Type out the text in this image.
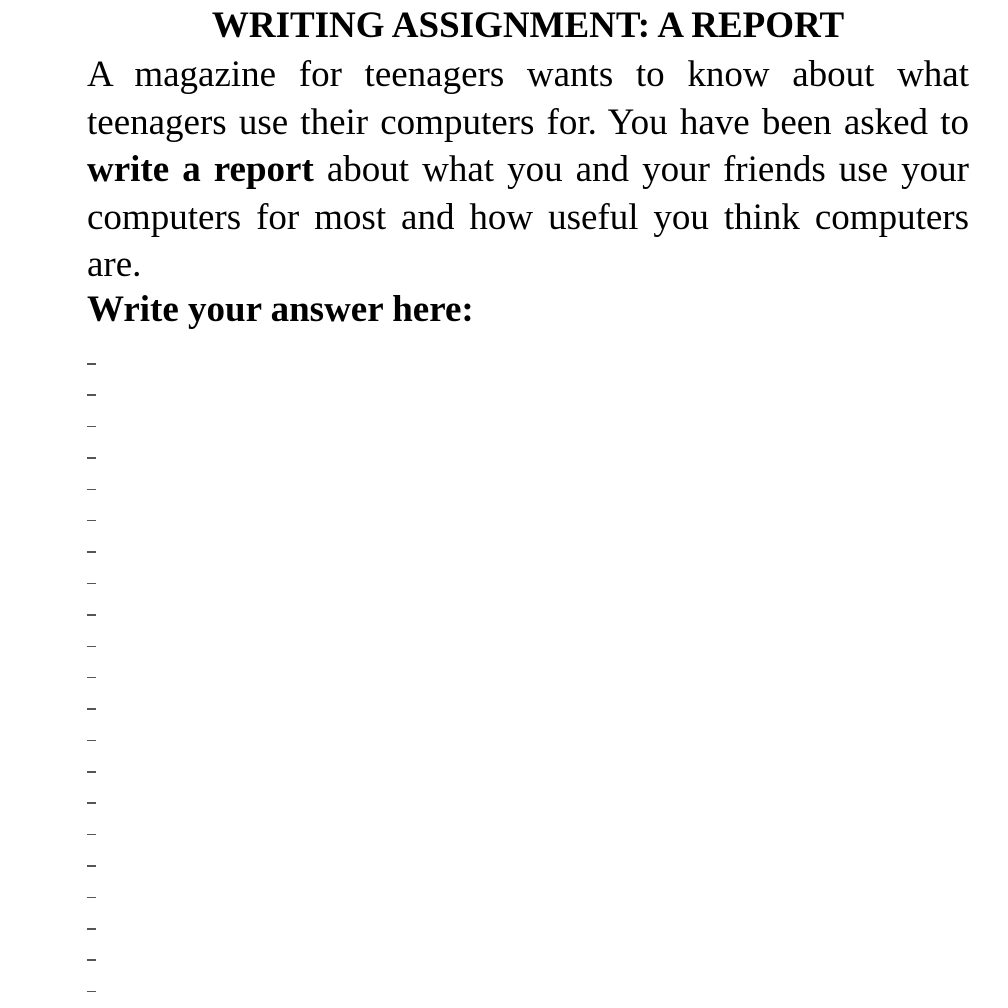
WRITING ASSIGNMENT: A REPORT
A magazine for teenagers wants to know about what teenagers use their computers for. You have been asked to write a report about what you and your friends use your computers for most and how useful you think computers are.
Write your answer here:
